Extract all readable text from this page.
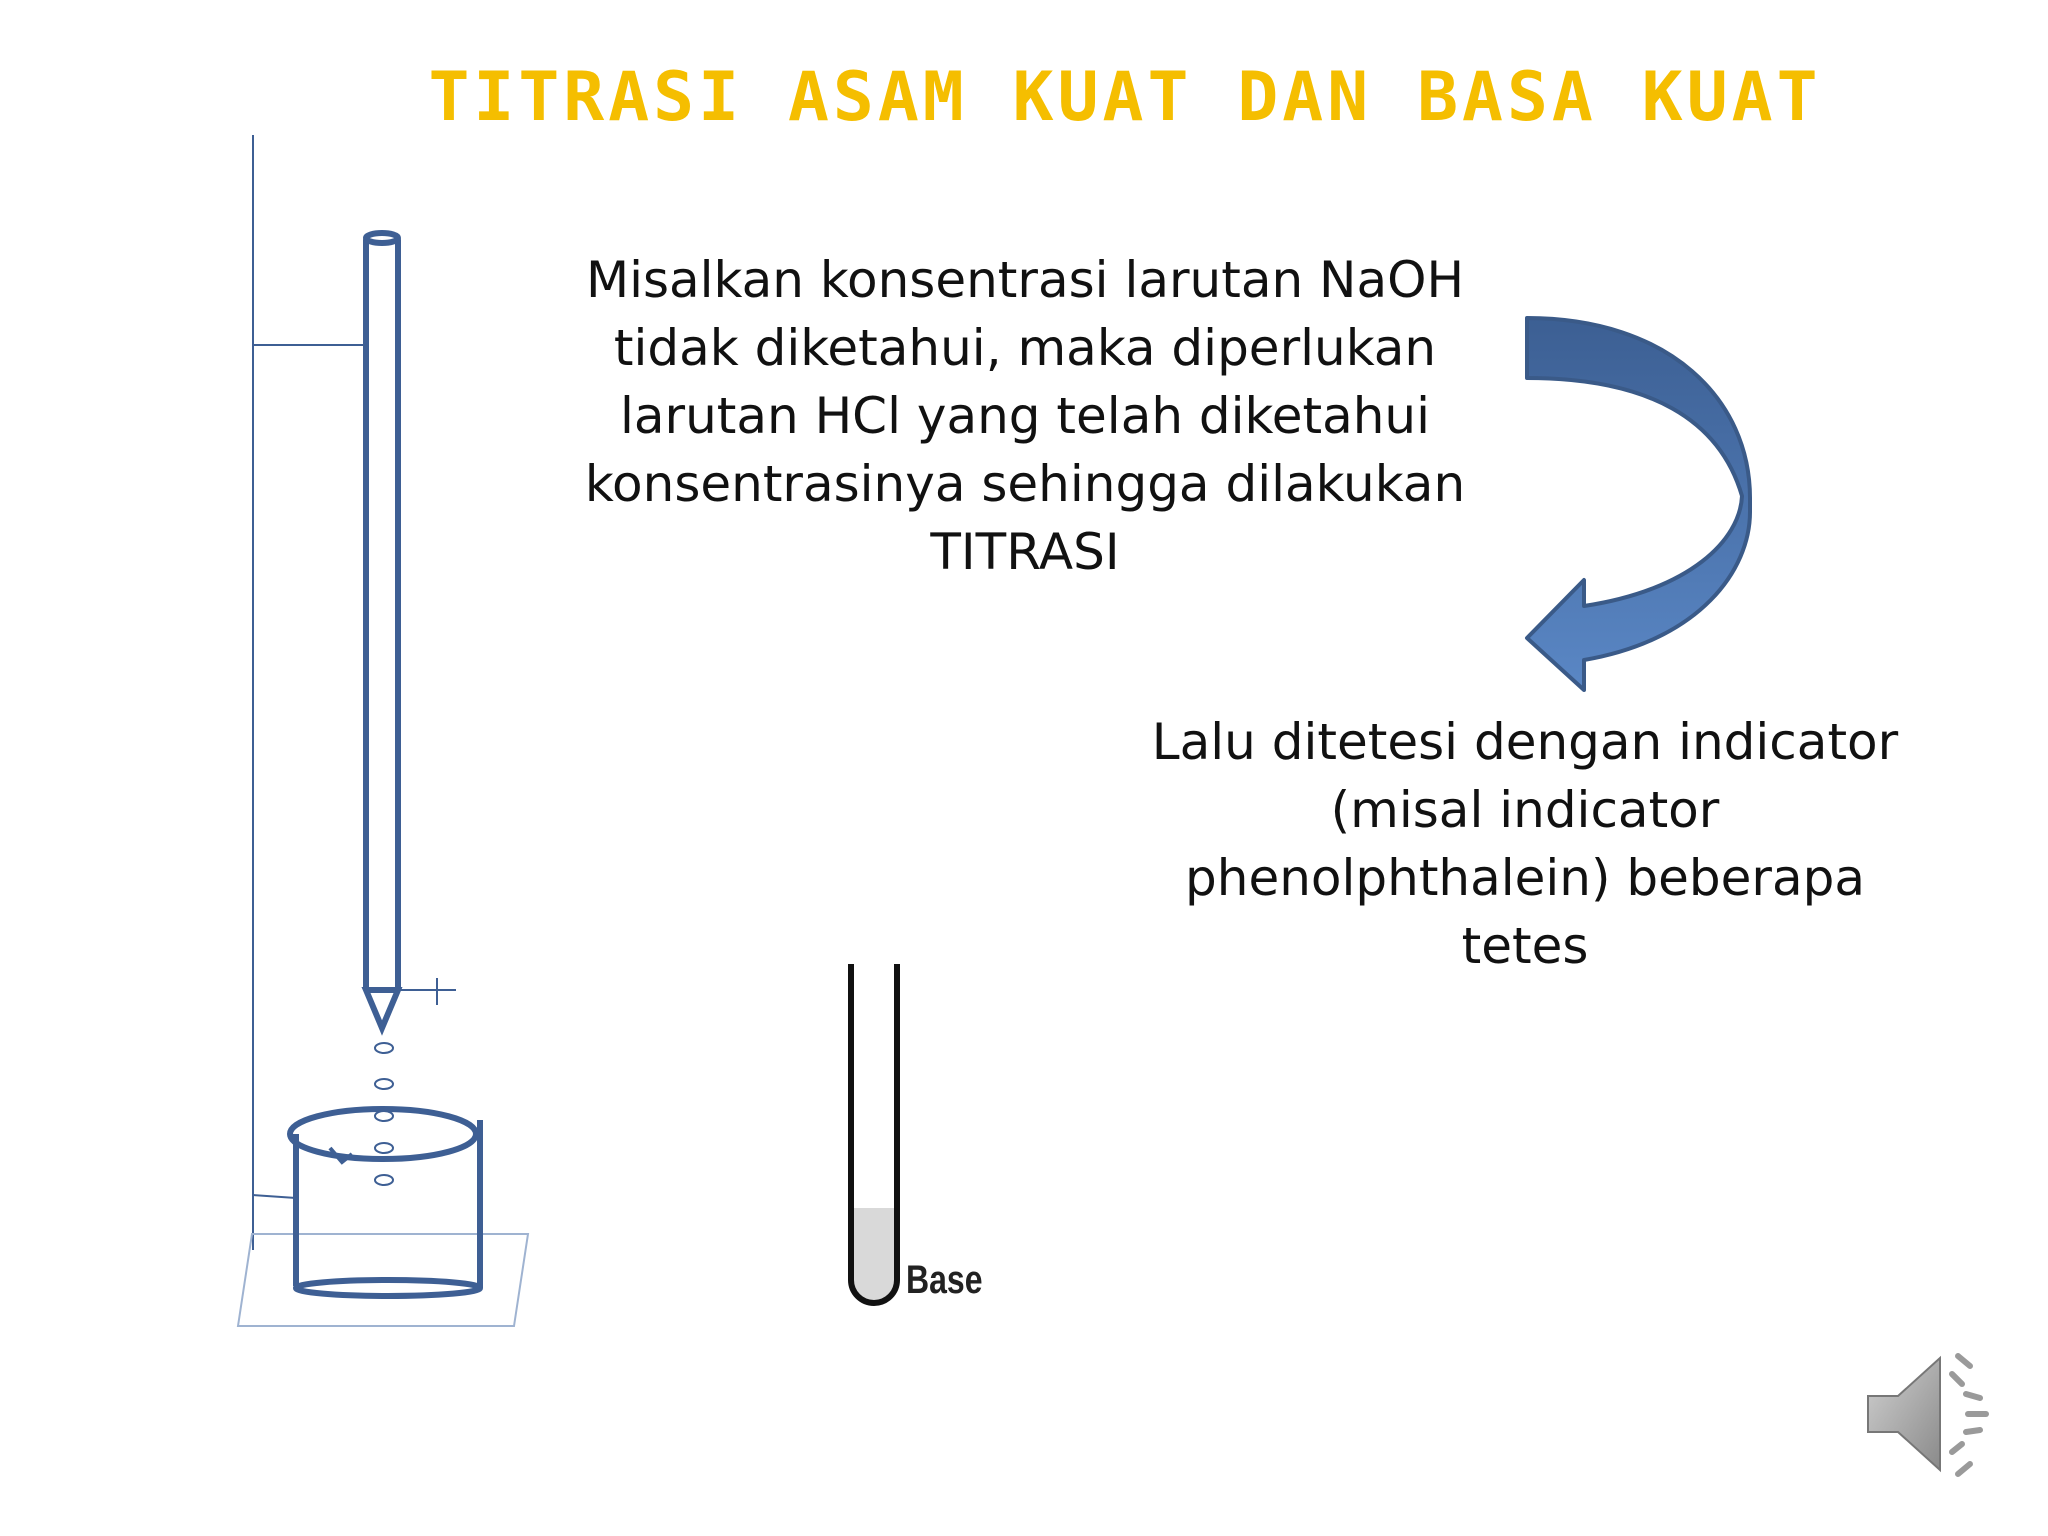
TITRASI ASAM KUAT DAN BASA KUAT
Base
Misalkan konsentrasi larutan NaOH
tidak diketahui, maka diperlukan
larutan HCl yang telah diketahui
konsentrasinya sehingga dilakukan
TITRASI
Lalu ditetesi dengan indicator
(misal indicator
phenolphthalein) beberapa
tetes
